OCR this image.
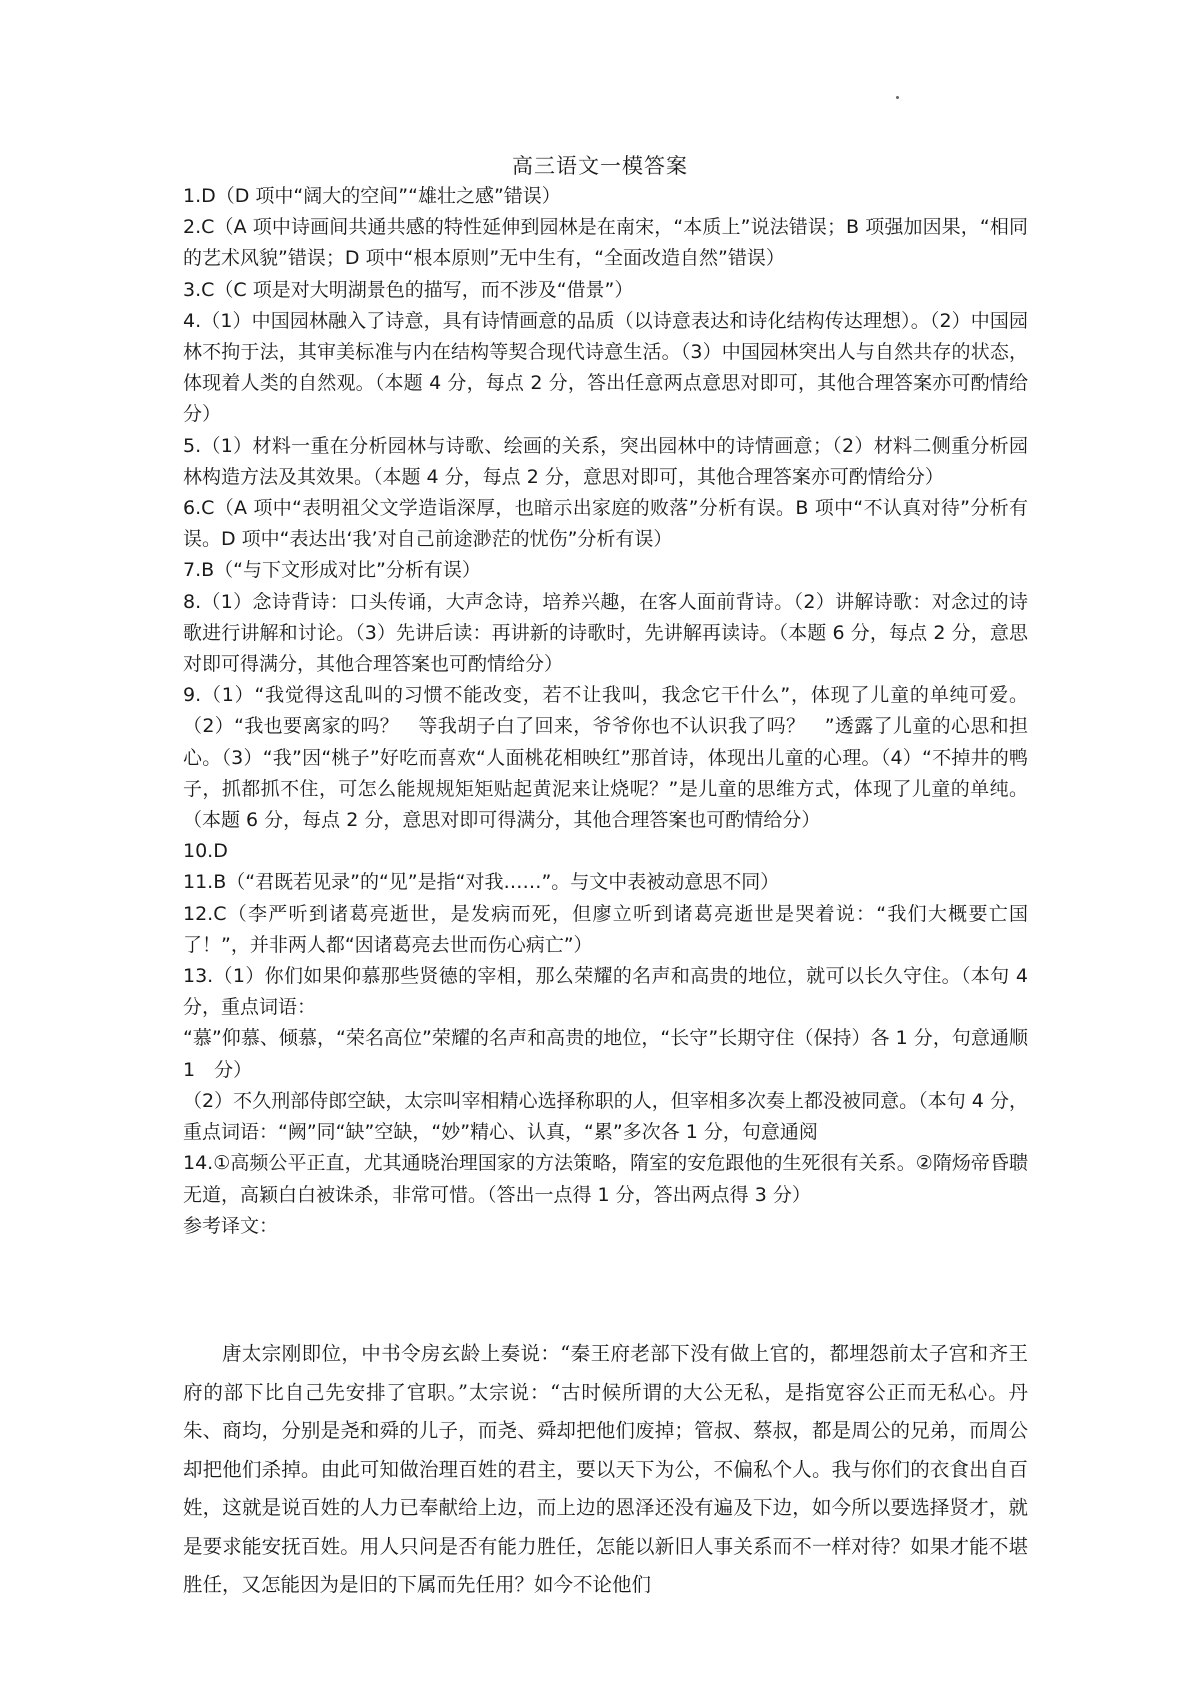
高三语文一模答案

1.D（D 项中“阔大的空间”“雄壮之感”错误）

2.C（A 项中诗画间共通共感的特性延伸到园林是在南宋，“本质上”说法错误；B 项强加因果，“相同的艺术风貌”错误；D 项中“根本原则”无中生有，“全面改造自然”错误）

3.C（C 项是对大明湖景色的描写，而不涉及“借景”）

4.（1）中国园林融入了诗意，具有诗情画意的品质（以诗意表达和诗化结构传达理想）。（2）中国园林不拘于法，其审美标准与内在结构等契合现代诗意生活。（3）中国园林突出人与自然共存的状态，体现着人类的自然观。（本题 4 分，每点 2 分，答出任意两点意思对即可，其他合理答案亦可酌情给分）

5.（1）材料一重在分析园林与诗歌、绘画的关系，突出园林中的诗情画意；（2）材料二侧重分析园林构造方法及其效果。（本题 4 分，每点 2 分，意思对即可，其他合理答案亦可酌情给分）

6.C（A 项中“表明祖父文学造诣深厚，也暗示出家庭的败落”分析有误。B 项中“不认真对待”分析有误。D 项中“表达出‘我’对自己前途渺茫的忧伤”分析有误）

7.B（“与下文形成对比”分析有误）

8.（1）念诗背诗：口头传诵，大声念诗，培养兴趣，在客人面前背诗。（2）讲解诗歌：对念过的诗歌进行讲解和讨论。（3）先讲后读：再讲新的诗歌时，先讲解再读诗。（本题 6 分，每点 2 分，意思对即可得满分，其他合理答案也可酌情给分）

9.（1）“我觉得这乱叫的习惯不能改变，若不让我叫，我念它干什么”，体现了儿童的单纯可爱。（2）“我也要离家的吗？　等我胡子白了回来，爷爷你也不认识我了吗？　”透露了儿童的心思和担心。（3）“我”因“桃子”好吃而喜欢“人面桃花相映红”那首诗，体现出儿童的心理。（4）“不掉井的鸭子，抓都抓不住，可怎么能规规矩矩贴起黄泥来让烧呢？”是儿童的思维方式，体现了儿童的单纯。（本题 6 分，每点 2 分，意思对即可得满分，其他合理答案也可酌情给分）

10.D

11.B（“君既若见录”的“见”是指“对我……”。与文中表被动意思不同）

12.C（李严听到诸葛亮逝世，是发病而死，但廖立听到诸葛亮逝世是哭着说：“我们大概要亡国了！”，并非两人都“因诸葛亮去世而伤心病亡”）

13.（1）你们如果仰慕那些贤德的宰相，那么荣耀的名声和高贵的地位，就可以长久守住。（本句 4 分，重点词语：

“慕”仰慕、倾慕，“荣名高位”荣耀的名声和高贵的地位，“长守”长期守住（保持）各 1 分，句意通顺　1　分）

（2）不久刑部侍郎空缺，太宗叫宰相精心选择称职的人，但宰相多次奏上都没被同意。（本句 4 分，重点词语：“阙”同“缺”空缺，“妙”精心、认真，“累”多次各 1 分，句意通阅

14.①高频公平正直，尤其通晓治理国家的方法策略，隋室的安危跟他的生死很有关系。②隋炀帝昏聩无道，高颖白白被诛杀，非常可惜。（答出一点得 1 分，答出两点得 3 分）

参考译文：

唐太宗刚即位，中书令房玄龄上奏说：“秦王府老部下没有做上官的，都埋怨前太子宫和齐王府的部下比自己先安排了官职。”太宗说：“古时候所谓的大公无私，是指宽容公正而无私心。丹朱、商均，分别是尧和舜的儿子，而尧、舜却把他们废掉；管叔、蔡叔，都是周公的兄弟，而周公却把他们杀掉。由此可知做治理百姓的君主，要以天下为公，不偏私个人。我与你们的衣食出自百姓，这就是说百姓的人力已奉献给上边，而上边的恩泽还没有遍及下边，如今所以要选择贤才，就是要求能安抚百姓。用人只问是否有能力胜任，怎能以新旧人事关系而不一样对待？如果才能不堪胜任，又怎能因为是旧的下属而先任用？如今不论他们
